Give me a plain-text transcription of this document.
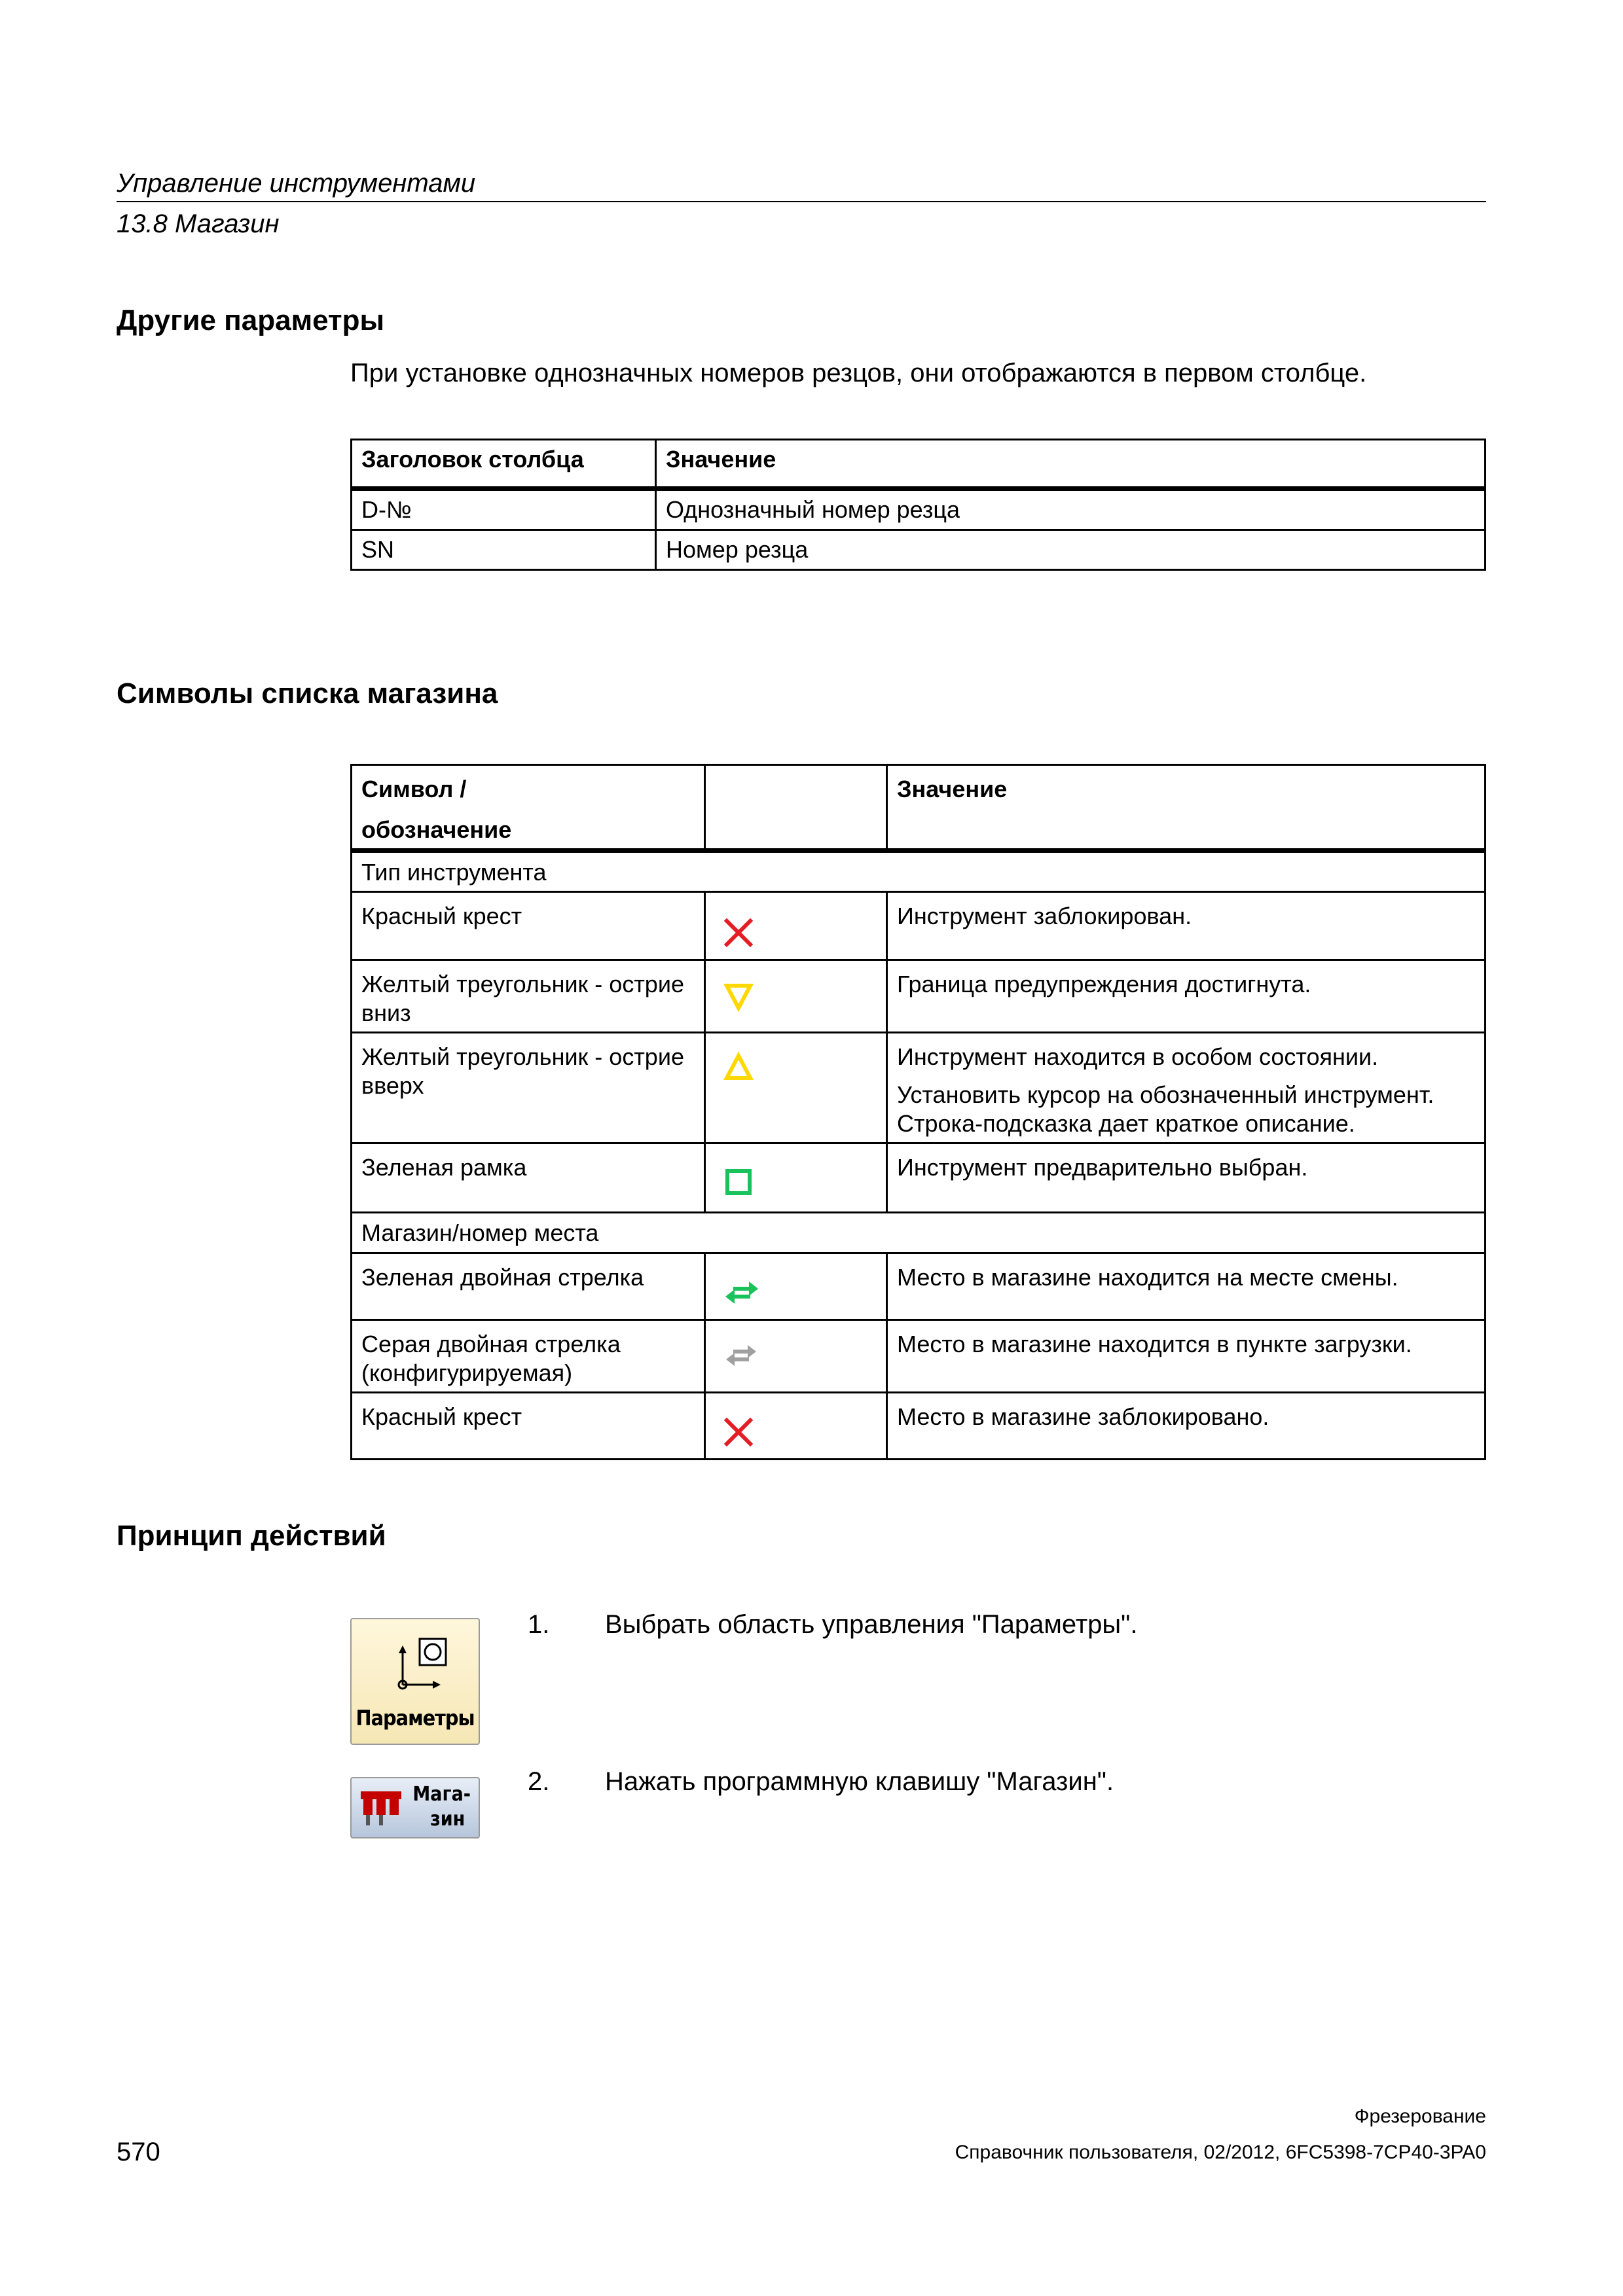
Управление инструментами
13.8 Магазин
Другие параметры
При установке однозначных номеров резцов, они отображаются в первом столбце.
Заголовок столбца	Значение
D-№	Однозначный номер резца
SN	Номер резца
Символы списка магазина
Символ /
обозначение		Значение
Тип инструмента		
Красный крест		Инструмент заблокирован.
Желтый треугольник - острие вниз		Граница предупреждения достигнута.
Желтый треугольник - острие вверх		Инструмент находится в особом состоянии.
Установить курсор на обозначенный инструмент. Строка-подсказка дает краткое описание.

Зеленая рамка		Инструмент предварительно выбран.
Магазин/номер места		
Зеленая двойная стрелка		Место в магазине находится на месте смены.
Серая двойная стрелка (конфигурируемая)		Место в магазине находится в пункте загрузки.
Красный крест		Место в магазине заблокировано.
Принцип действий
Параметры
1. Выбрать область управления "Параметры".
Мага-
зин
2. Нажать программную клавишу "Магазин".
Фрезерование
Справочник пользователя, 02/2012, 6FC5398-7CP40-3PA0
570
